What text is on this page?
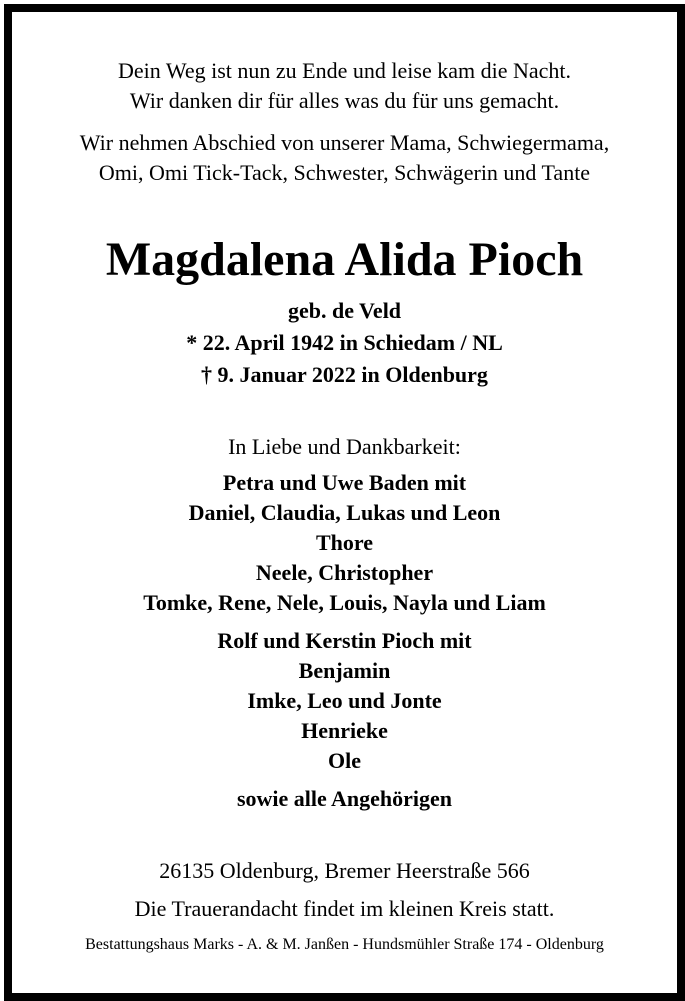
Dein Weg ist nun zu Ende und leise kam die Nacht.
Wir danken dir für alles was du für uns gemacht.
Wir nehmen Abschied von unserer Mama, Schwiegermama,
Omi, Omi Tick-Tack, Schwester, Schwägerin und Tante
Magdalena Alida Pioch
geb. de Veld
* 22. April 1942 in Schiedam / NL
† 9. Januar 2022 in Oldenburg
In Liebe und Dankbarkeit:
Petra und Uwe Baden mit
Daniel, Claudia, Lukas und Leon
Thore
Neele, Christopher
Tomke, Rene, Nele, Louis, Nayla und Liam
Rolf und Kerstin Pioch mit
Benjamin
Imke, Leo und Jonte
Henrieke
Ole
sowie alle Angehörigen
26135 Oldenburg, Bremer Heerstraße 566
Die Trauerandacht findet im kleinen Kreis statt.
Bestattungshaus Marks - A. & M. Janßen - Hundsmühler Straße 174 - Oldenburg
